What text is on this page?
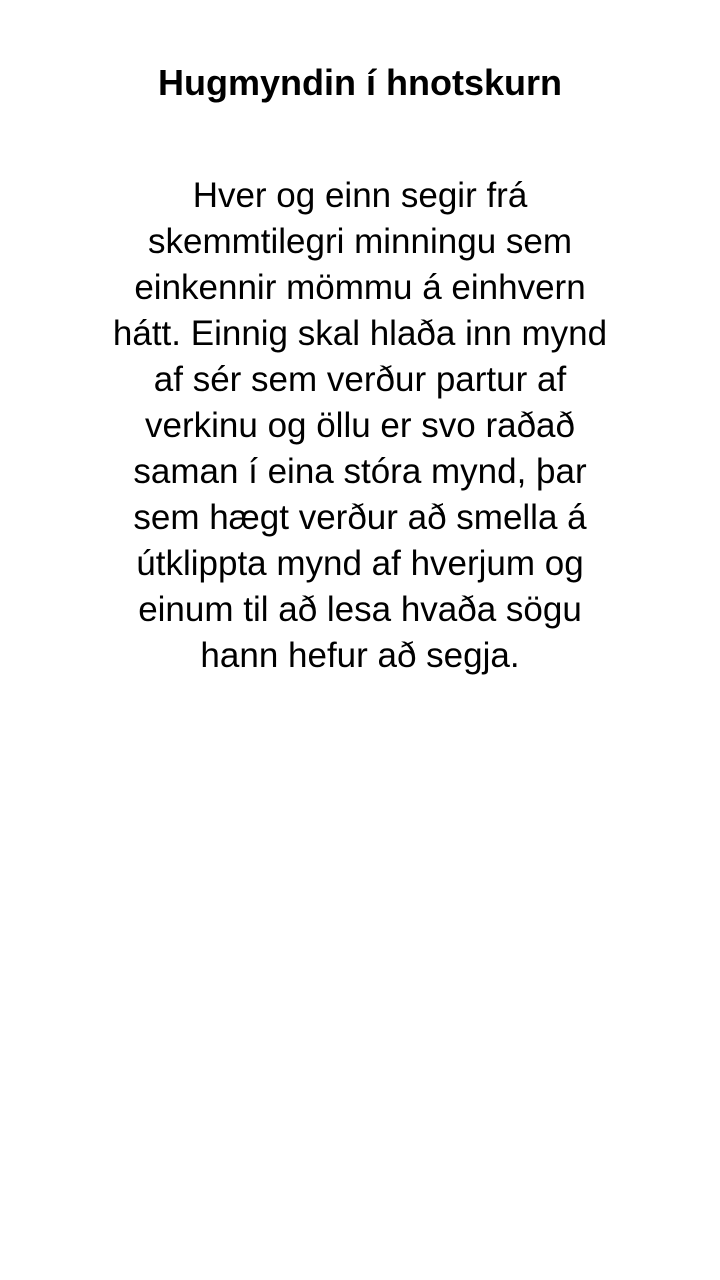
Hugmyndin í hnotskurn

Hver og einn segir frá
skemmtilegri minningu sem
einkennir mömmu á einhvern
hátt. Einnig skal hlaða inn mynd
af sér sem verður partur af
verkinu og öllu er svo raðað
saman í eina stóra mynd, þar
sem hægt verður að smella á
útklippta mynd af hverjum og
einum til að lesa hvaða sögu
hann hefur að segja.
